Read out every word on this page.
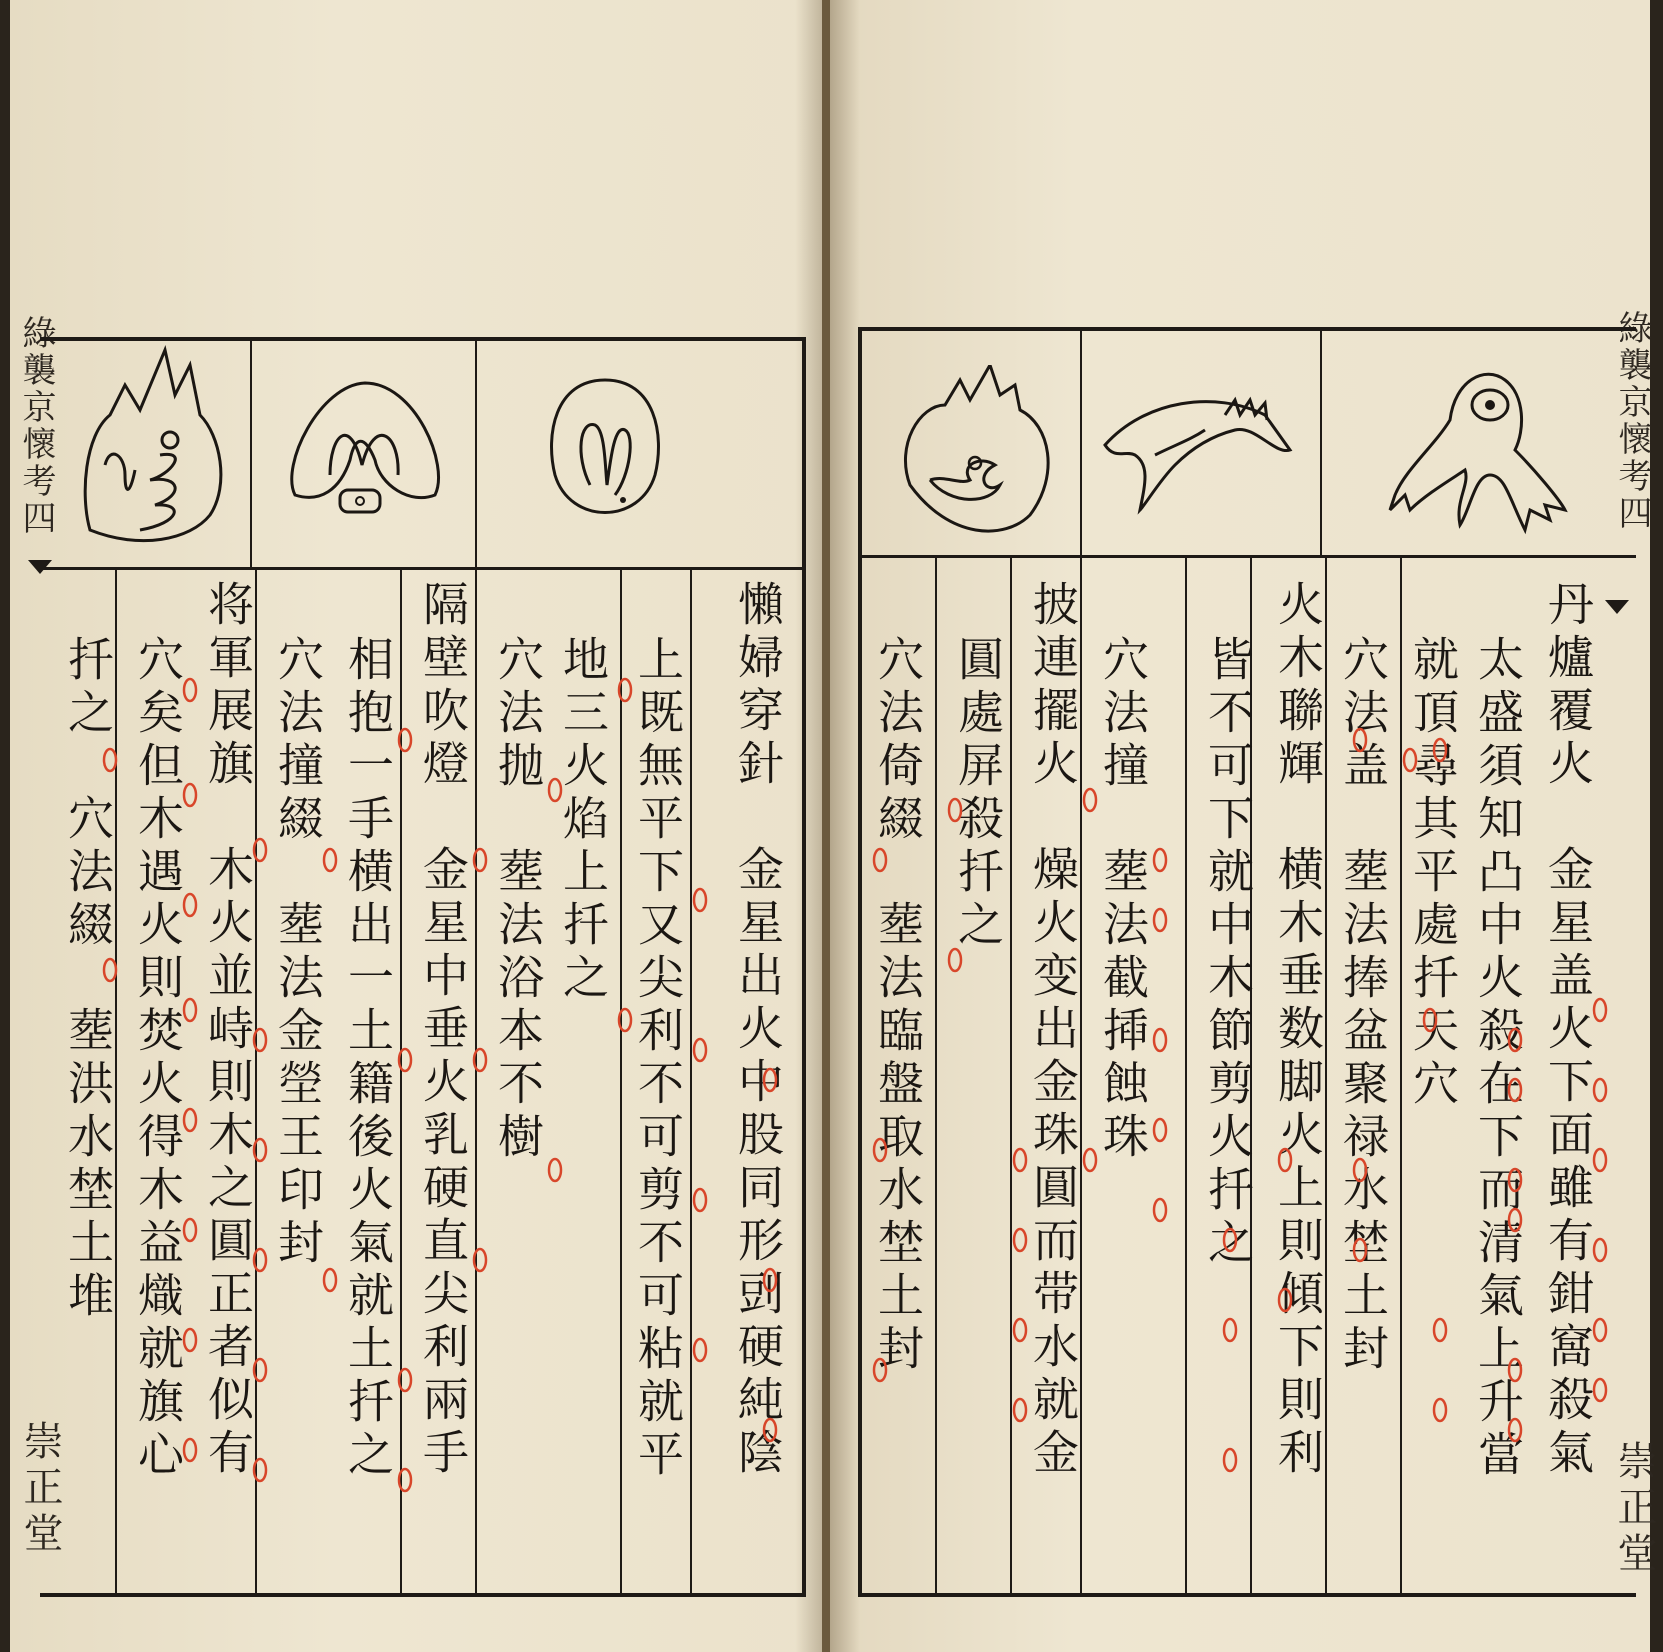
綠襲京懷考四
崇正堂
懶婦穿針　金星出火中股同形剅硬純陰
上既無平下又尖利不可剪不可粘就平
地三火焰上扦之
穴法抛　塟法浴本不樹
隔壁吹燈　金星中垂火乳硬直尖利兩手
相抱一手横出一土籍後火氣就土扦之
穴法撞綴　塟法金塋王印封
将軍展旗　木火並峙則木之圓正者似有
穴矣但木遇火則焚火得木益熾就旗心
扦之　穴法綴　塟洪水埜土堆
綠襲京懷考四
崇正堂
丹爐覆火　金星盖火下面雖有鉗窩殺氣
太盛須知凸中火殺在下而清氣上升當
就頂尋其平處扦天穴
穴法盖　塟法捧盆聚禄水埜土封
火木聯輝　横木垂数脚火上則傾下則利
皆不可下就中木節剪火扦之
穴法撞　塟法截揷蝕珠
披連擺火　燥火变出金珠圓而带水就金
圓處屏殺扦之
穴法倚綴　塟法臨盤取水埜土封
